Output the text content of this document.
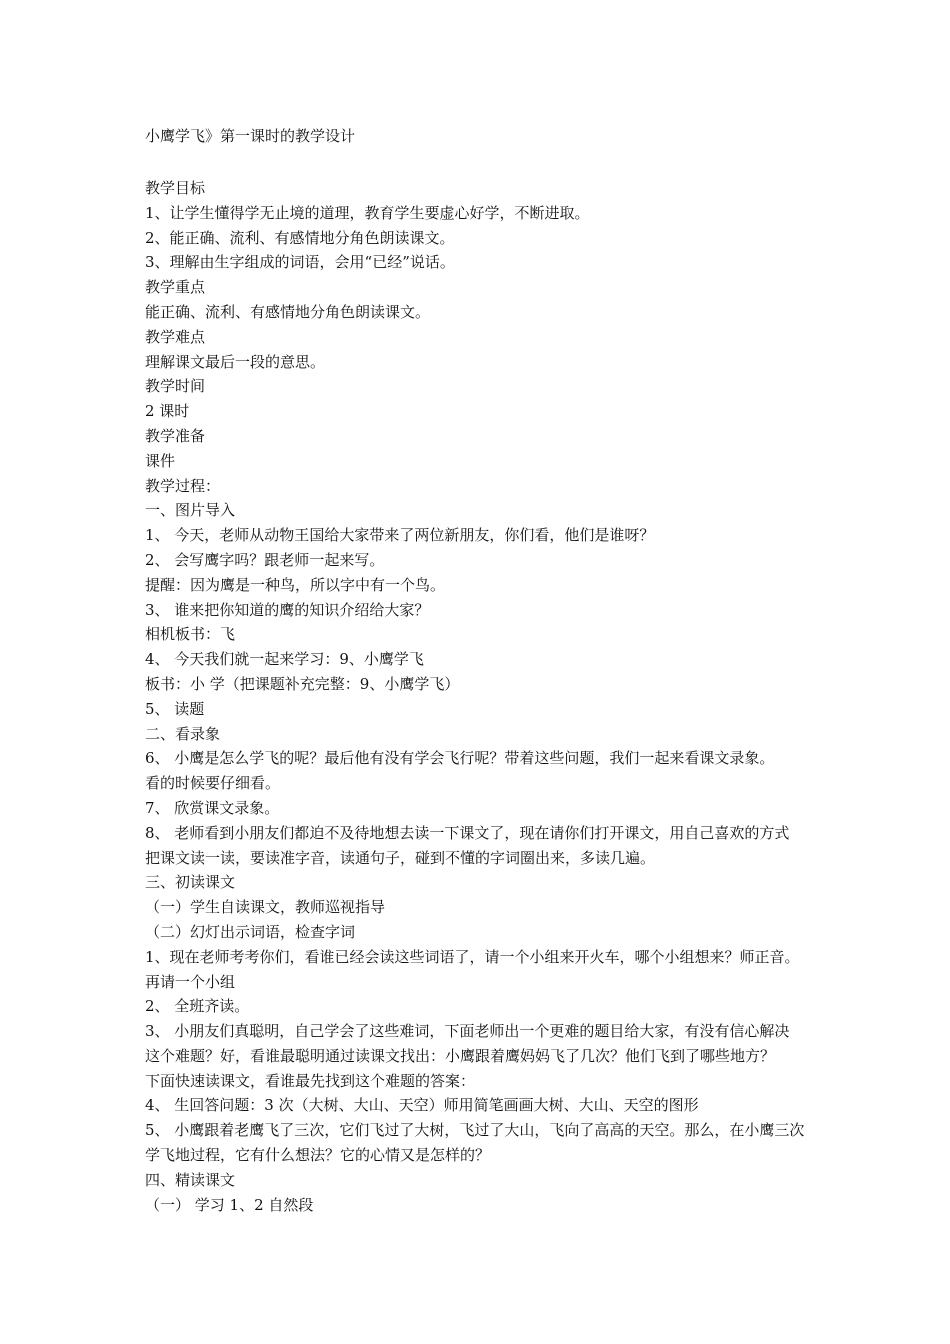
小鹰学飞》第一课时的教学设计
教学目标
1、让学生懂得学无止境的道理，教育学生要虚心好学，不断进取。
2、能正确、流利、有感情地分角色朗读课文。
3、理解由生字组成的词语，会用“已经”说话。
教学重点
能正确、流利、有感情地分角色朗读课文。
教学难点
理解课文最后一段的意思。
教学时间
2 课时
教学准备
课件
教学过程：
一、图片导入
1、 今天，老师从动物王国给大家带来了两位新朋友，你们看，他们是谁呀？
2、 会写鹰字吗？跟老师一起来写。
提醒：因为鹰是一种鸟，所以字中有一个鸟。
3、 谁来把你知道的鹰的知识介绍给大家？
相机板书：飞
4、 今天我们就一起来学习：9、小鹰学飞
板书：小 学（把课题补充完整：9、小鹰学飞）
5、 读题
二、看录象
6、 小鹰是怎么学飞的呢？最后他有没有学会飞行呢？带着这些问题，我们一起来看课文录象。
看的时候要仔细看。
7、 欣赏课文录象。
8、 老师看到小朋友们都迫不及待地想去读一下课文了，现在请你们打开课文，用自己喜欢的方式
把课文读一读，要读准字音，读通句子，碰到不懂的字词圈出来，多读几遍。
三、初读课文
（一）学生自读课文，教师巡视指导
（二）幻灯出示词语，检查字词
1、现在老师考考你们，看谁已经会读这些词语了，请一个小组来开火车，哪个小组想来？师正音。
再请一个小组
2、 全班齐读。
3、 小朋友们真聪明，自己学会了这些难词，下面老师出一个更难的题目给大家，有没有信心解决
这个难题？好，看谁最聪明通过读课文找出：小鹰跟着鹰妈妈飞了几次？他们飞到了哪些地方？
下面快速读课文，看谁最先找到这个难题的答案：
4、 生回答问题：3 次（大树、大山、天空）师用简笔画画大树、大山、天空的图形
5、 小鹰跟着老鹰飞了三次，它们飞过了大树，飞过了大山，飞向了高高的天空。那么，在小鹰三次
学飞地过程，它有什么想法？它的心情又是怎样的？
四、精读课文
（一） 学习 1、2 自然段
